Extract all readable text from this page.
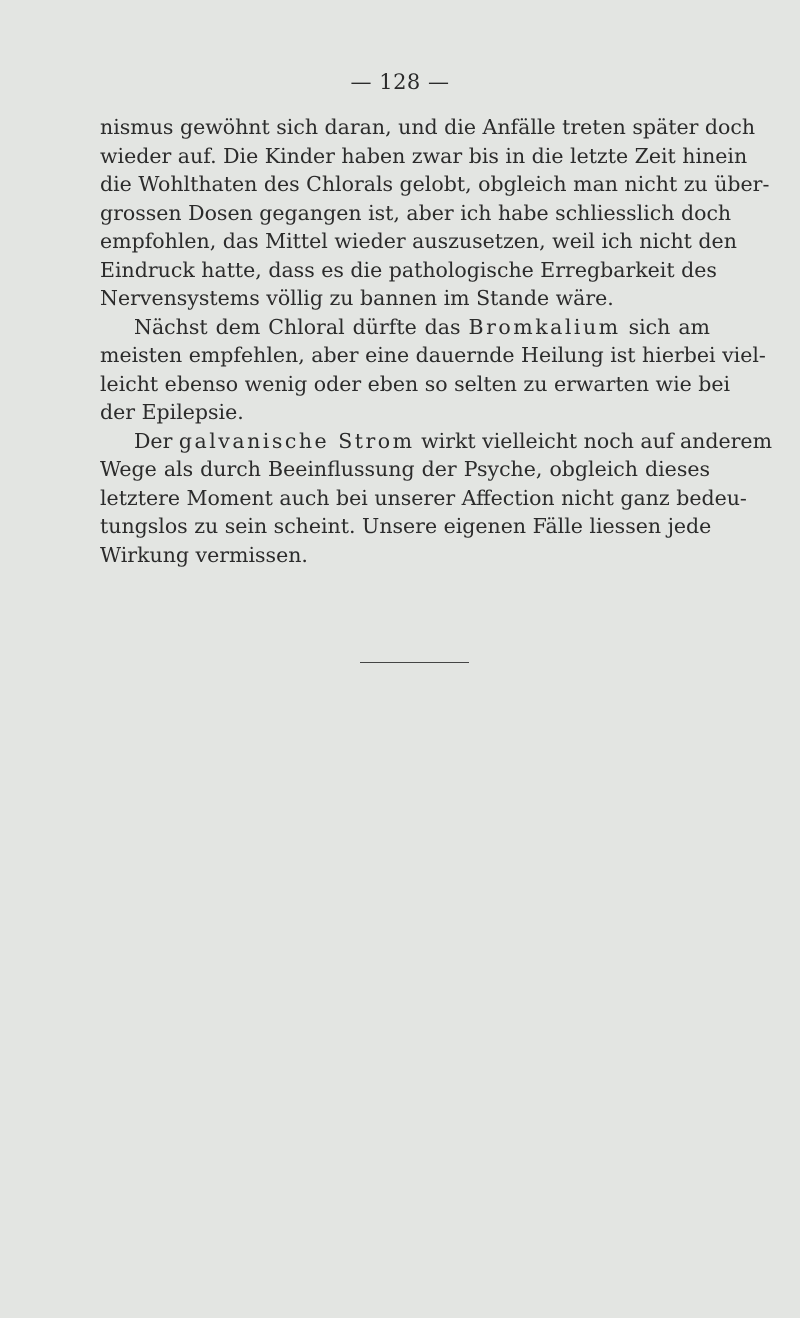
— 128 —
nismus gewöhnt sich daran, und die Anfälle treten später doch
wieder auf. Die Kinder haben zwar bis in die letzte Zeit hinein
die Wohlthaten des Chlorals gelobt, obgleich man nicht zu über-
grossen Dosen gegangen ist, aber ich habe schliesslich doch
empfohlen, das Mittel wieder auszusetzen, weil ich nicht den
Eindruck hatte, dass es die pathologische Erregbarkeit des
Nervensystems völlig zu bannen im Stande wäre.
Nächst dem Chloral dürfte das Bromkalium sich am
meisten empfehlen, aber eine dauernde Heilung ist hierbei viel-
leicht ebenso wenig oder eben so selten zu erwarten wie bei
der Epilepsie.
Der galvanische Strom wirkt vielleicht noch auf anderem
Wege als durch Beeinflussung der Psyche, obgleich dieses
letztere Moment auch bei unserer Affection nicht ganz bedeu-
tungslos zu sein scheint. Unsere eigenen Fälle liessen jede
Wirkung vermissen.
